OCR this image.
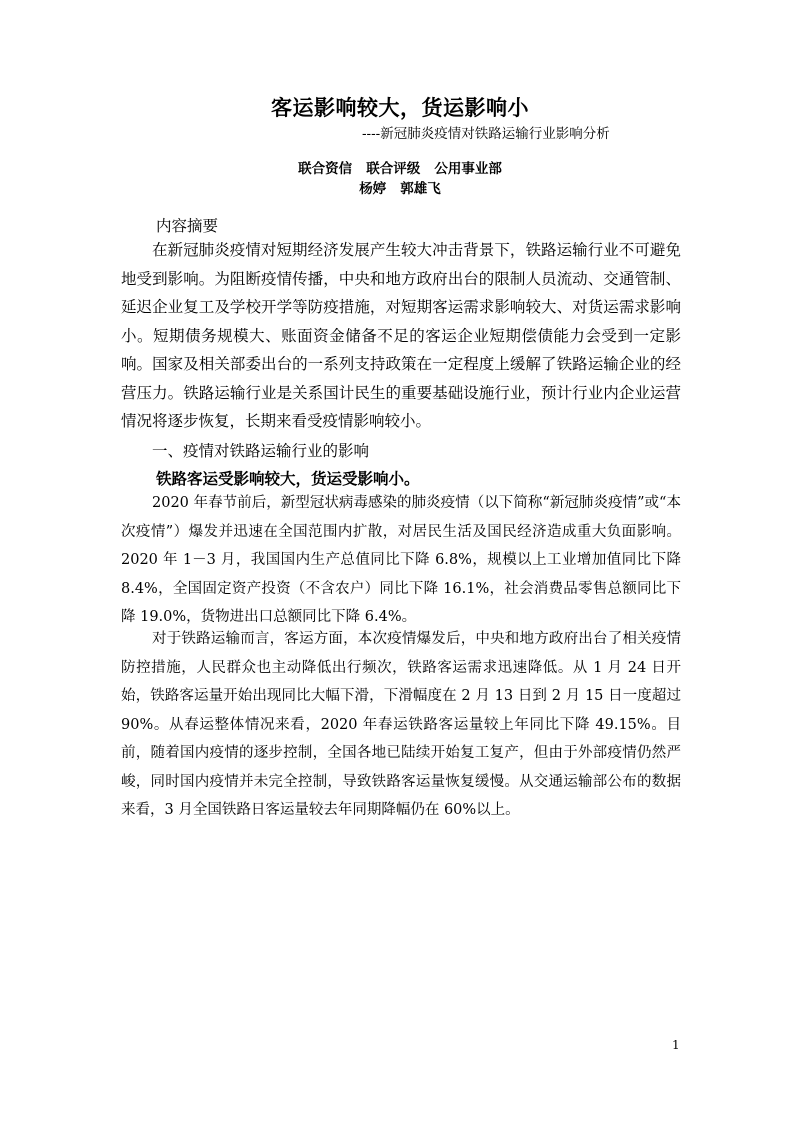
客运影响较大，货运影响小
----新冠肺炎疫情对铁路运输行业影响分析
联合资信   联合评级   公用事业部
杨婷   郭雄飞
内容摘要

在新冠肺炎疫情对短期经济发展产生较大冲击背景下，铁路运输行业不可避免地受到影响。为阻断疫情传播，中央和地方政府出台的限制人员流动、交通管制、延迟企业复工及学校开学等防疫措施，对短期客运需求影响较大、对货运需求影响小。短期债务规模大、账面资金储备不足的客运企业短期偿债能力会受到一定影响。国家及相关部委出台的一系列支持政策在一定程度上缓解了铁路运输企业的经营压力。铁路运输行业是关系国计民生的重要基础设施行业，预计行业内企业运营情况将逐步恢复，长期来看受疫情影响较小。

一、疫情对铁路运输行业的影响
铁路客运受影响较大，货运受影响小。

2020 年春节前后，新型冠状病毒感染的肺炎疫情（以下简称“新冠肺炎疫情”或“本次疫情”）爆发并迅速在全国范围内扩散，对居民生活及国民经济造成重大负面影响。2020 年 1－3 月，我国国内生产总值同比下降 6.8%，规模以上工业增加值同比下降 8.4%，全国固定资产投资（不含农户）同比下降 16.1%，社会消费品零售总额同比下降 19.0%，货物进出口总额同比下降 6.4%。

对于铁路运输而言，客运方面，本次疫情爆发后，中央和地方政府出台了相关疫情防控措施，人民群众也主动降低出行频次，铁路客运需求迅速降低。从 1 月 24 日开始，铁路客运量开始出现同比大幅下滑，下滑幅度在 2 月 13 日到 2 月 15 日一度超过 90%。从春运整体情况来看，2020 年春运铁路客运量较上年同比下降 49.15%。目前，随着国内疫情的逐步控制，全国各地已陆续开始复工复产，但由于外部疫情仍然严峻，同时国内疫情并未完全控制，导致铁路客运量恢复缓慢。从交通运输部公布的数据来看，3 月全国铁路日客运量较去年同期降幅仍在 60%以上。

1
